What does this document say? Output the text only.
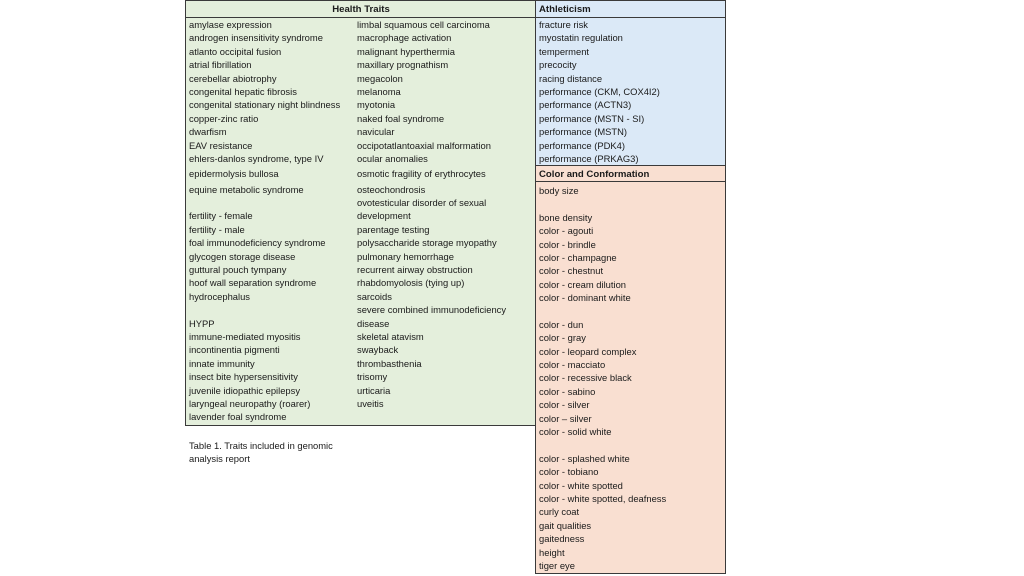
Health Traits
amylase expression
androgen insensitivity syndrome
atlanto occipital fusion
atrial fibrillation
cerebellar abiotrophy
congenital hepatic fibrosis
congenital stationary night blindness
copper-zinc ratio
dwarfism
EAV resistance
ehlers-danlos syndrome, type IV
epidermolysis bullosa
equine metabolic syndrome
fertility - female
fertility - male
foal immunodeficiency syndrome
glycogen storage disease
guttural pouch tympany
hoof wall separation syndrome
hydrocephalus
HYPP
immune-mediated myositis
incontinentia pigmenti
innate immunity
insect bite hypersensitivity
juvenile idiopathic epilepsy
laryngeal neuropathy (roarer)
lavender foal syndrome
limbal squamous cell carcinoma
macrophage activation
malignant hyperthermia
maxillary prognathism
megacolon
melanoma
myotonia
naked foal syndrome
navicular
occipotatlantoaxial malformation
ocular anomalies
osmotic fragility of erythrocytes
osteochondrosis
ovotesticular disorder of sexual development
parentage testing
polysaccharide storage myopathy
pulmonary hemorrhage
recurrent airway obstruction
rhabdomyolosis (tying up)
sarcoids
severe combined immunodeficiency disease
skeletal atavism
swayback
thrombasthenia
trisomy
urticaria
uveitis
Athleticism
fracture risk
myostatin regulation
temperment
precocity
racing distance
performance (CKM, COX4I2)
performance (ACTN3)
performance (MSTN - SI)
performance (MSTN)
performance (PDK4)
performance (PRKAG3)
Color and Conformation
body size
bone density
color - agouti
color - brindle
color - champagne
color - chestnut
color - cream dilution
color - dominant white
color - dun
color - gray
color - leopard complex
color - macciato
color - recessive black
color - sabino
color - silver
color – silver
color - solid white
color - splashed white
color - tobiano
color - white spotted
color - white spotted, deafness
curly coat
gait qualities
gaitedness
height
tiger eye
Table 1. Traits included in genomic analysis report
